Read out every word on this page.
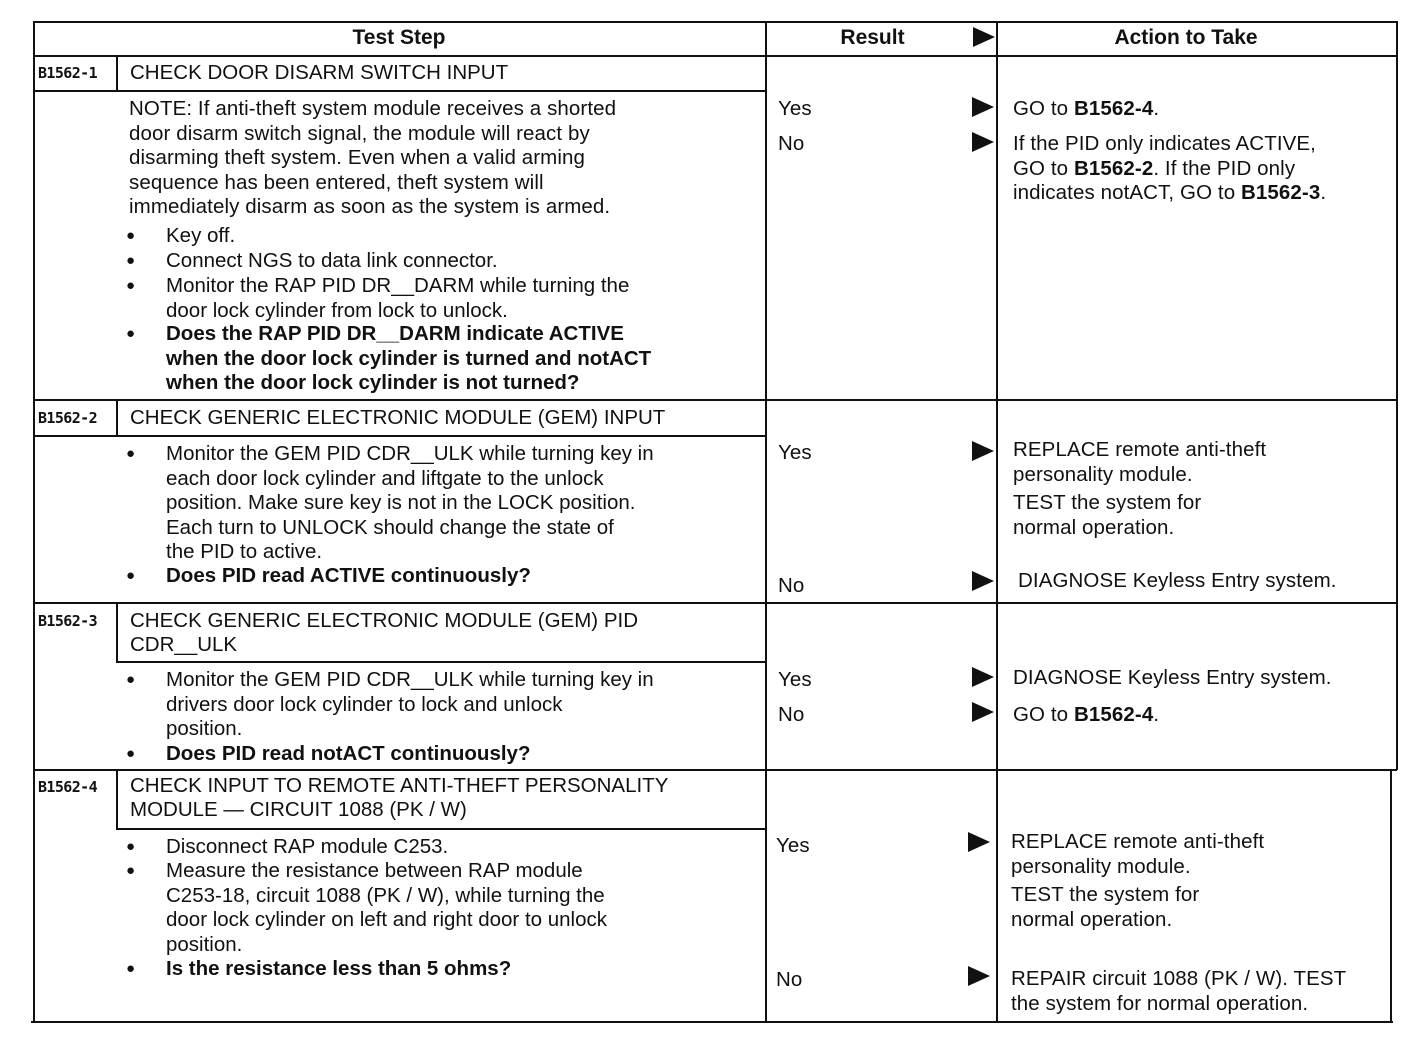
Test Step	Result	Action to Take
B1562-1 CHECK DOOR DISARM SWITCH INPUT
NOTE: If anti-theft system module receives a shorted
door disarm switch signal, the module will react by
disarming theft system. Even when a valid arming
sequence has been entered, theft system will
immediately disarm as soon as the system is armed.
● Key off.
● Connect NGS to data link connector.
● Monitor the RAP PID DR__DARM while turning the
door lock cylinder from lock to unlock.
● Does the RAP PID DR__DARM indicate ACTIVE
when the door lock cylinder is turned and notACT
when the door lock cylinder is not turned?
Yes	GO to B1562-4.
No	If the PID only indicates ACTIVE,
GO to B1562-2. If the PID only
indicates notACT, GO to B1562-3.
B1562-2 CHECK GENERIC ELECTRONIC MODULE (GEM) INPUT
● Monitor the GEM PID CDR__ULK while turning key in
each door lock cylinder and liftgate to the unlock
position. Make sure key is not in the LOCK position.
Each turn to UNLOCK should change the state of
the PID to active.
● Does PID read ACTIVE continuously?
Yes	REPLACE remote anti-theft
personality module.
TEST the system for
normal operation.
No	DIAGNOSE Keyless Entry system.
B1562-3 CHECK GENERIC ELECTRONIC MODULE (GEM) PID
CDR__ULK
● Monitor the GEM PID CDR__ULK while turning key in
drivers door lock cylinder to lock and unlock
position.
● Does PID read notACT continuously?
Yes	DIAGNOSE Keyless Entry system.
No	GO to B1562-4.
B1562-4 CHECK INPUT TO REMOTE ANTI-THEFT PERSONALITY
MODULE — CIRCUIT 1088 (PK / W)
● Disconnect RAP module C253.
● Measure the resistance between RAP module
C253-18, circuit 1088 (PK / W), while turning the
door lock cylinder on left and right door to unlock
position.
● Is the resistance less than 5 ohms?
Yes	REPLACE remote anti-theft
personality module.
TEST the system for
normal operation.
No	REPAIR circuit 1088 (PK / W). TEST
the system for normal operation.
